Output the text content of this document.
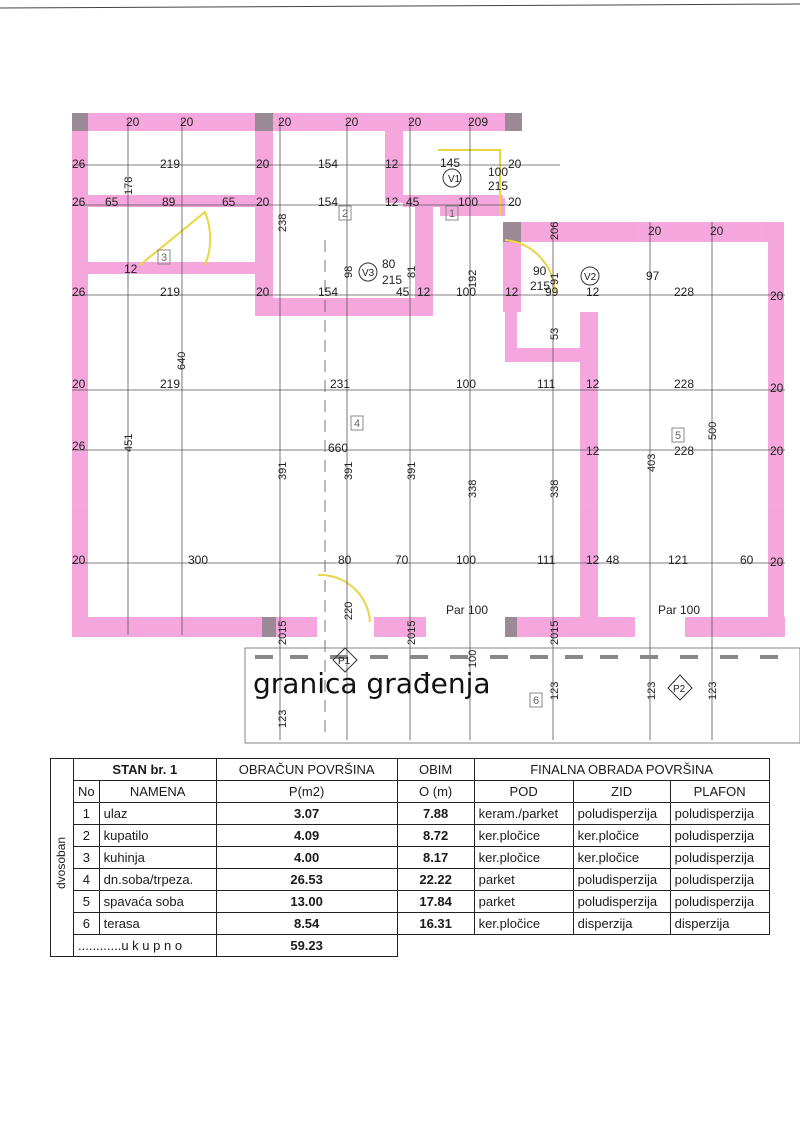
V1
V2
V3
P1
P2
1
2
3
4
5
6
20	20	20	20	20	209
26	219	20	154	12	145
100
215
20
26 65	89	65 20	154	12 45	100 20
12
20	20
80
215
90
215
97
26	219	20	154	45 12 100 12 99 12	228	20
20	219	231	100	111	12	228	20
26	660	12	228	20
20	300	80	70	100	111	12 48	121	60 20
Par 100	Par 100
178
238
640
451
500
98	81	192	91
53
206
391	391	391	403
338	338
220
2015	2015	2015
100
123
123	123	123
granica građenja
dvosoban	STAN br. 1		OBRAČUN POVRŠINA	OBIM	FINALNA OBRADA POVRŠINA		
	No	NAMENA	P(m2)	O (m)	POD	ZID	PLAFON
	1	ulaz	3.07	7.88	keram./parket	poludisperzija	poludisperzija
	2	kupatilo	4.09	8.72	ker.pločice	ker.pločice	poludisperzija
	3	kuhinja	4.00	8.17	ker.pločice	ker.pločice	poludisperzija
	4	dn.soba/trpeza.	26.53	22.22	parket	poludisperzija	poludisperzija
	5	spavaća soba	13.00	17.84	parket	poludisperzija	poludisperzija
	6	terasa	8.54	16.31	ker.pločice	disperzija	disperzija
	............u k u p n o		59.23				
